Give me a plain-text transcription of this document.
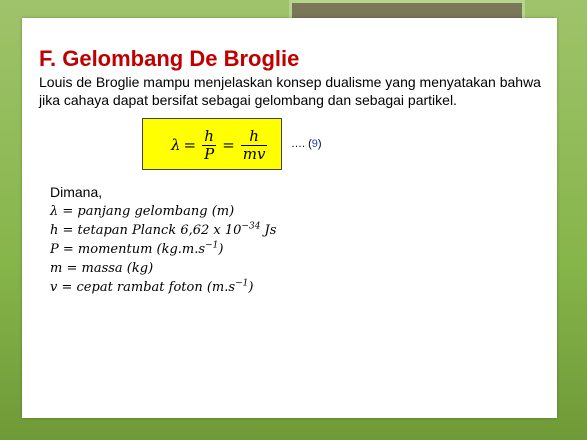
F. Gelombang De Broglie
Louis de Broglie mampu menjelaskan konsep dualisme yang menyatakan bahwa jika cahaya dapat bersifat sebagai gelombang dan sebagai partikel.
$\lambda = \frac{h}{P} = \frac{h}{mv}$ …. (9)
Dimana,
λ = panjang gelombang (m)
h = tetapan Planck 6,62 x $10^{-34}$ Js
P = momentum $(kg.m.s^{-1})$
m = massa (kg)
v = cepat rambat foton $(m.s^{-1})$
